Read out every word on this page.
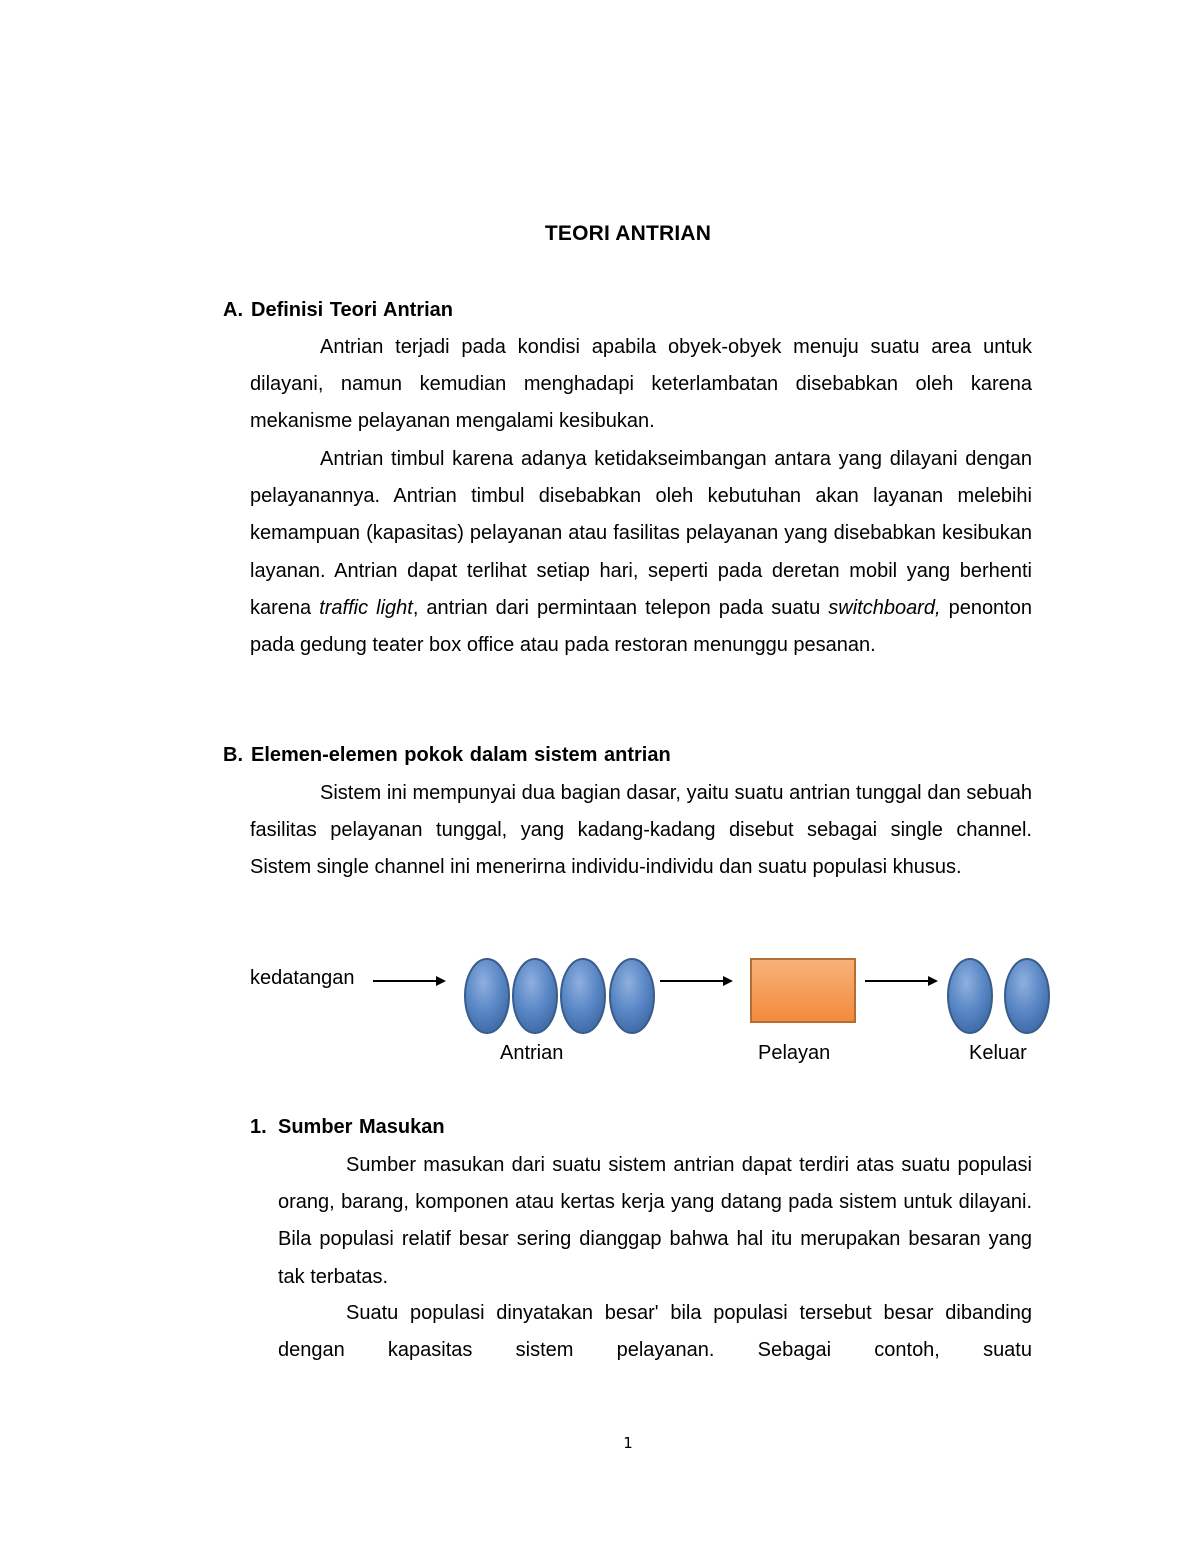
TEORI ANTRIAN
A. Definisi Teori Antrian

Antrian terjadi pada kondisi apabila obyek-obyek menuju suatu area untuk dilayani, namun kemudian menghadapi keterlambatan disebabkan oleh karena mekanisme pelayanan mengalami kesibukan.

Antrian timbul karena adanya ketidakseimbangan antara yang dilayani dengan pelayanannya. Antrian timbul disebabkan oleh kebutuhan akan layanan melebihi kemampuan (kapasitas) pelayanan atau fasilitas pelayanan yang disebabkan kesibukan layanan. Antrian dapat terlihat setiap hari, seperti pada deretan mobil yang berhenti karena traffic light, antrian dari permintaan telepon pada suatu switchboard, penonton pada gedung teater box office atau pada restoran menunggu pesanan.

B. Elemen-elemen pokok dalam sistem antrian

Sistem ini mempunyai dua bagian dasar, yaitu suatu antrian tunggal dan sebuah fasilitas pelayanan tunggal, yang kadang-kadang disebut sebagai single channel. Sistem single channel ini menerirna individu-individu dan suatu populasi khusus.

kedatangan
Antrian	Pelayan	Keluar
1. Sumber Masukan

Sumber masukan dari suatu sistem antrian dapat terdiri atas suatu populasi orang, barang, komponen atau kertas kerja yang datang pada sistem untuk dilayani. Bila populasi relatif besar sering dianggap bahwa hal itu merupakan besaran yang tak terbatas.

Suatu populasi dinyatakan besar' bila populasi tersebut besar dibanding dengan kapasitas sistem pelayanan. Sebagai contoh, suatu

1
